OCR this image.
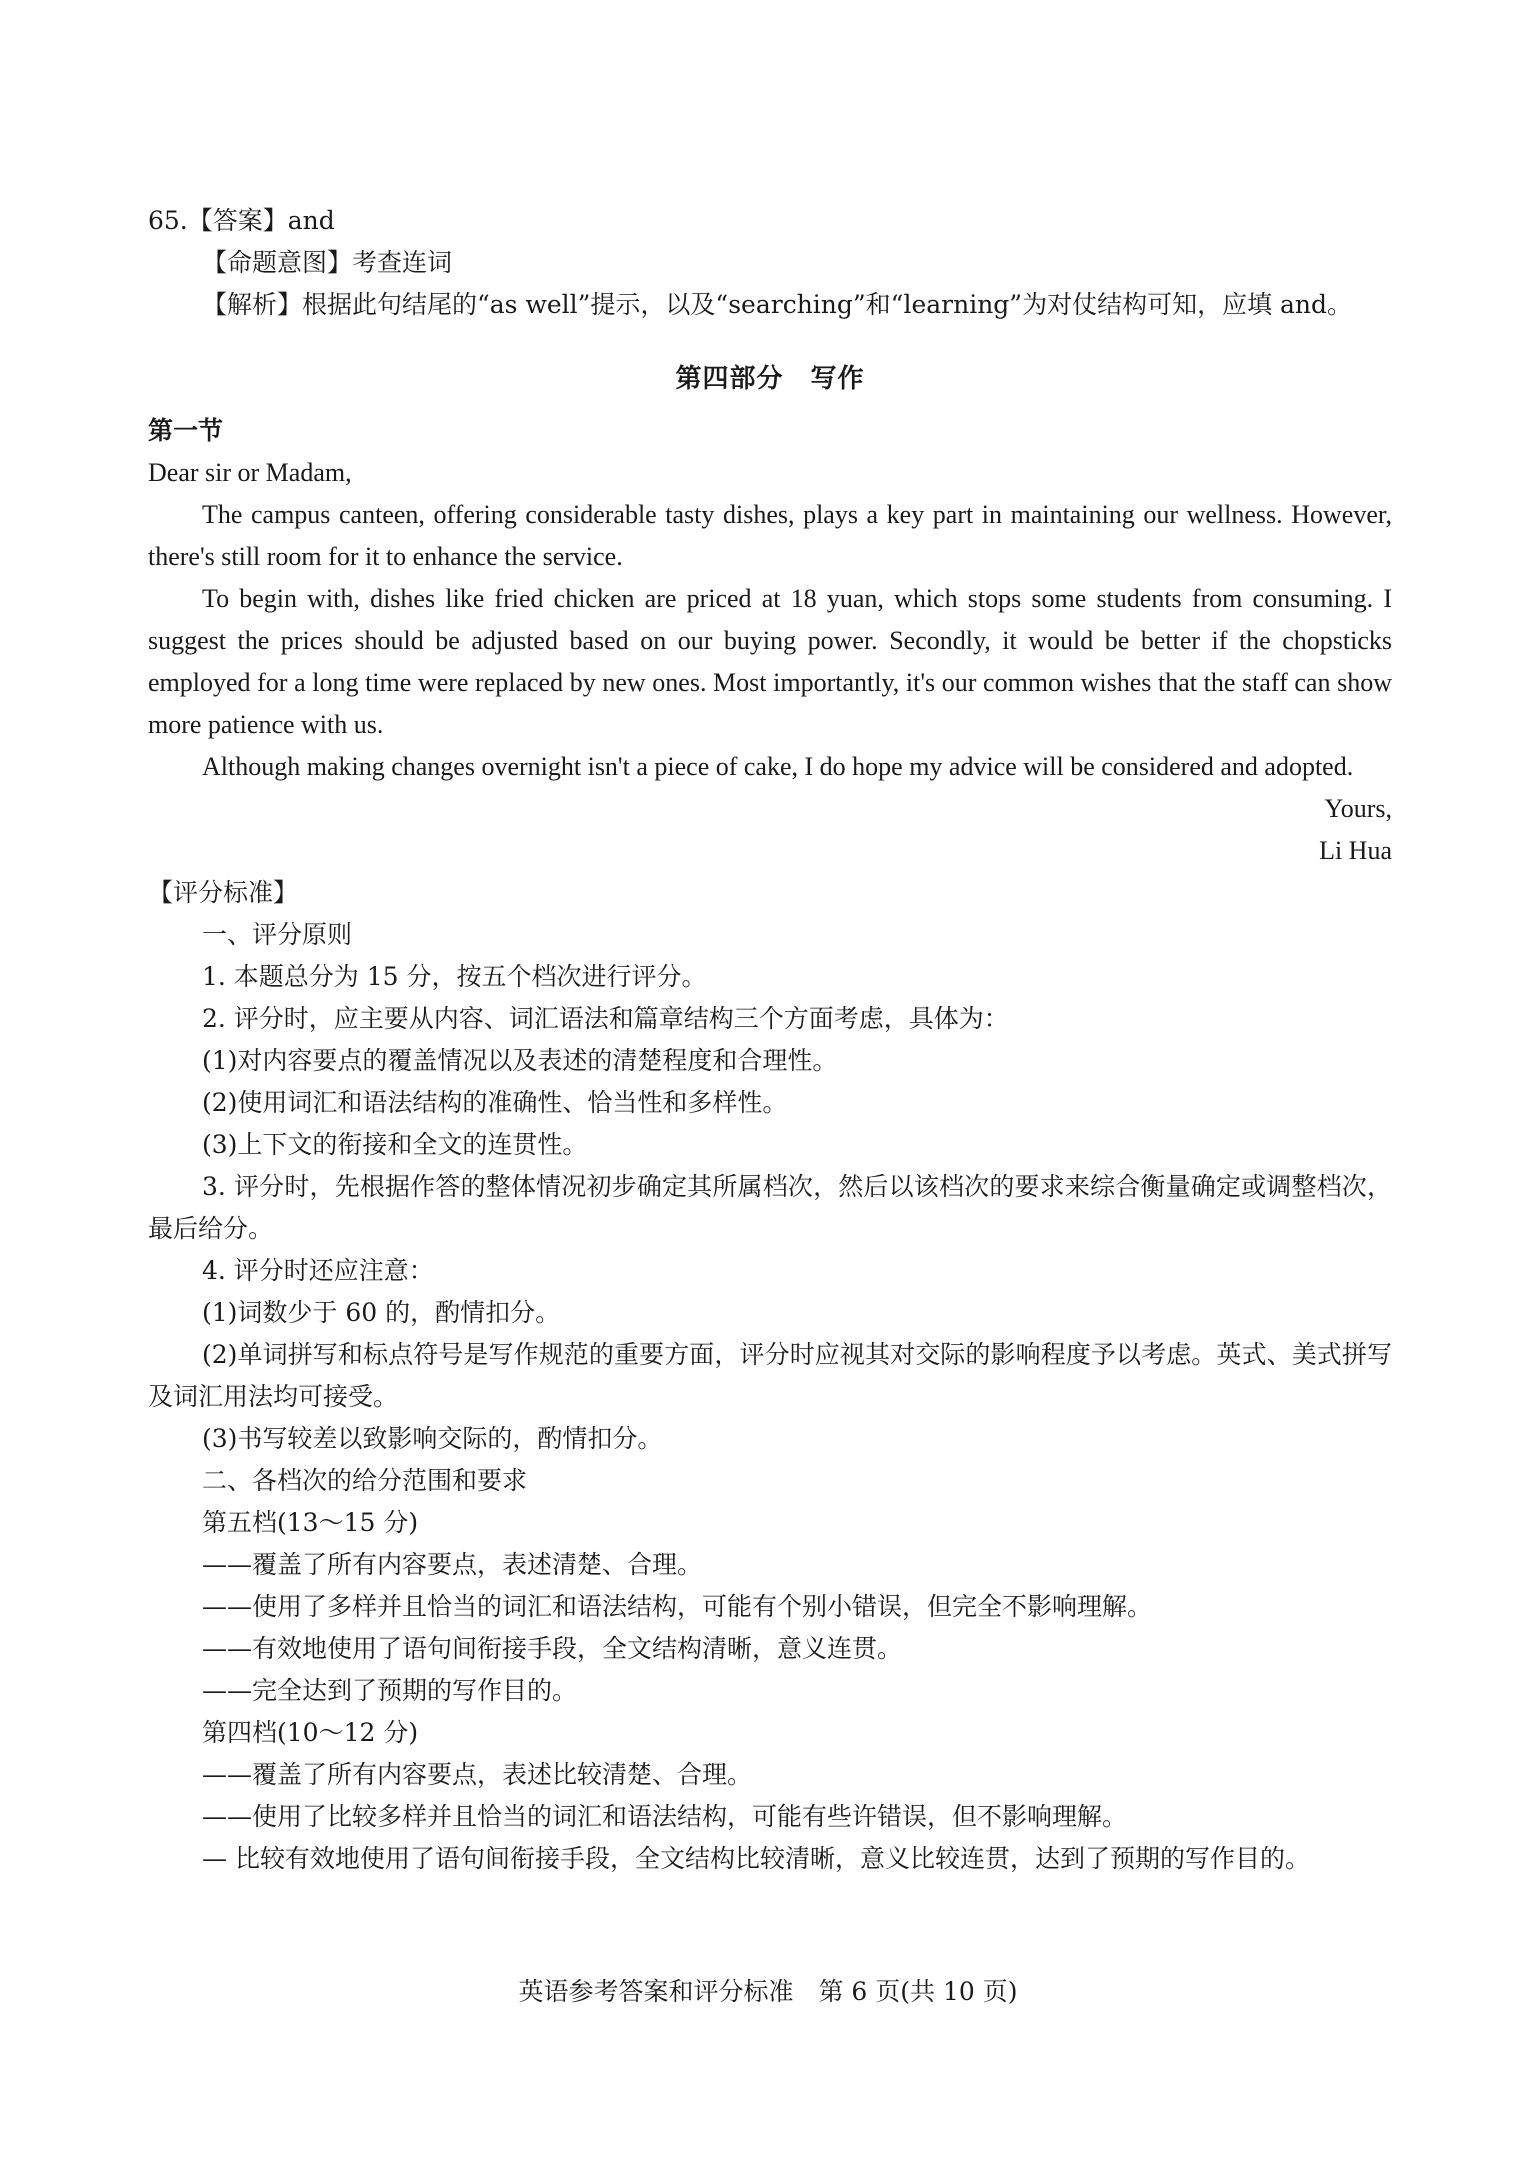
65.【答案】and
【命题意图】考查连词
【解析】根据此句结尾的“as well”提示，以及“searching”和“learning”为对仗结构可知，应填 and。
第四部分　写作
第一节
Dear sir or Madam,
The campus canteen, offering considerable tasty dishes, plays a key part in maintaining our wellness. However, there's still room for it to enhance the service.
To begin with, dishes like fried chicken are priced at 18 yuan, which stops some students from consuming. I suggest the prices should be adjusted based on our buying power. Secondly, it would be better if the chopsticks employed for a long time were replaced by new ones. Most importantly, it's our common wishes that the staff can show more patience with us.
Although making changes overnight isn't a piece of cake, I do hope my advice will be considered and adopted.
Yours,
Li Hua
【评分标准】
一、评分原则
1. 本题总分为 15 分，按五个档次进行评分。
2. 评分时，应主要从内容、词汇语法和篇章结构三个方面考虑，具体为：
(1)对内容要点的覆盖情况以及表述的清楚程度和合理性。
(2)使用词汇和语法结构的准确性、恰当性和多样性。
(3)上下文的衔接和全文的连贯性。
3. 评分时，先根据作答的整体情况初步确定其所属档次，然后以该档次的要求来综合衡量确定或调整档次，最后给分。
4. 评分时还应注意：
(1)词数少于 60 的，酌情扣分。
(2)单词拼写和标点符号是写作规范的重要方面，评分时应视其对交际的影响程度予以考虑。英式、美式拼写及词汇用法均可接受。
(3)书写较差以致影响交际的，酌情扣分。
二、各档次的给分范围和要求
第五档(13～15 分)
——覆盖了所有内容要点，表述清楚、合理。
——使用了多样并且恰当的词汇和语法结构，可能有个别小错误，但完全不影响理解。
——有效地使用了语句间衔接手段，全文结构清晰，意义连贯。
——完全达到了预期的写作目的。
第四档(10～12 分)
——覆盖了所有内容要点，表述比较清楚、合理。
——使用了比较多样并且恰当的词汇和语法结构，可能有些许错误，但不影响理解。
— 比较有效地使用了语句间衔接手段，全文结构比较清晰，意义比较连贯，达到了预期的写作目的。
英语参考答案和评分标准　第 6 页(共 10 页)
